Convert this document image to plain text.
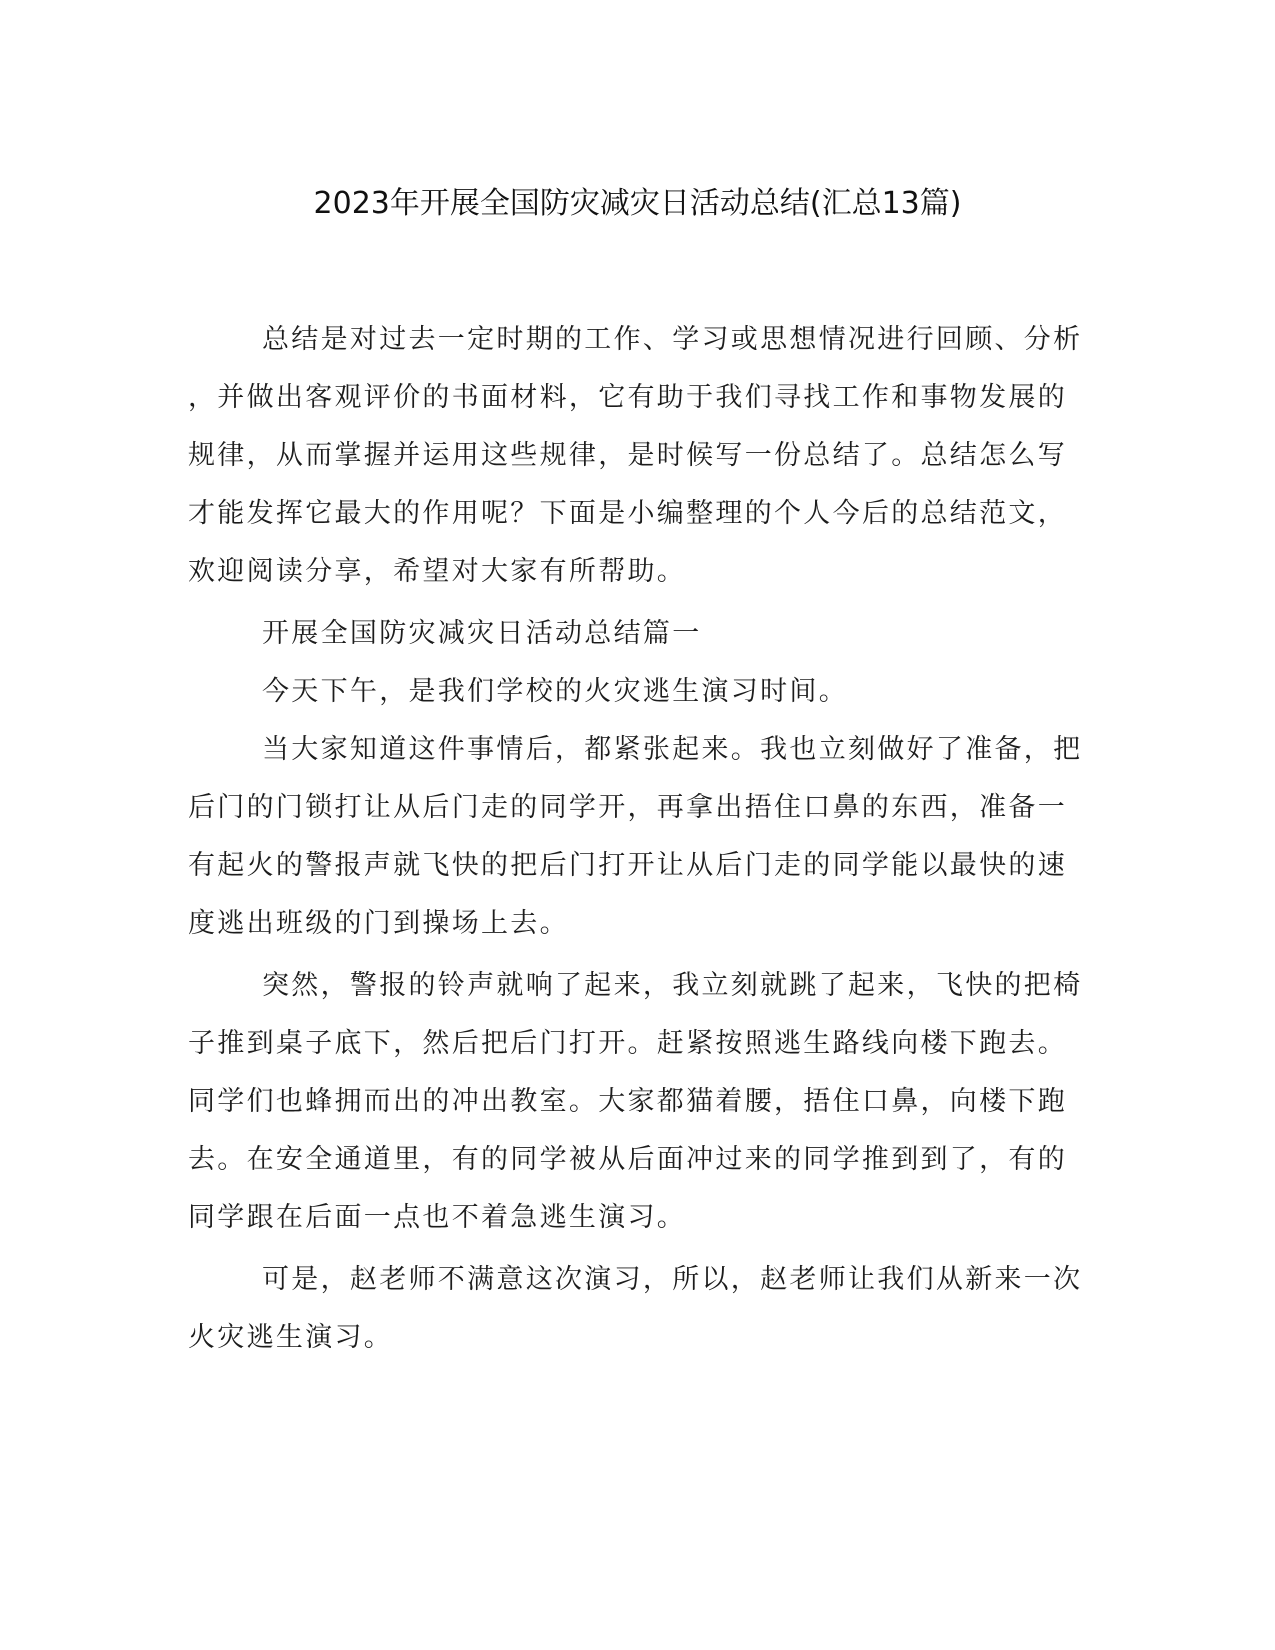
2023年开展全国防灾减灾日活动总结(汇总13篇)
总结是对过去一定时期的工作、学习或思想情况进行回顾、分析
，并做出客观评价的书面材料，它有助于我们寻找工作和事物发展的
规律，从而掌握并运用这些规律，是时候写一份总结了。总结怎么写
才能发挥它最大的作用呢？下面是小编整理的个人今后的总结范文，
欢迎阅读分享，希望对大家有所帮助。
开展全国防灾减灾日活动总结篇一
今天下午，是我们学校的火灾逃生演习时间。
当大家知道这件事情后，都紧张起来。我也立刻做好了准备，把
后门的门锁打让从后门走的同学开，再拿出捂住口鼻的东西，准备一
有起火的警报声就飞快的把后门打开让从后门走的同学能以最快的速
度逃出班级的门到操场上去。
突然，警报的铃声就响了起来，我立刻就跳了起来，飞快的把椅
子推到桌子底下，然后把后门打开。赶紧按照逃生路线向楼下跑去。
同学们也蜂拥而出的冲出教室。大家都猫着腰，捂住口鼻，向楼下跑
去。在安全通道里，有的同学被从后面冲过来的同学推到到了，有的
同学跟在后面一点也不着急逃生演习。
可是，赵老师不满意这次演习，所以，赵老师让我们从新来一次
火灾逃生演习。
